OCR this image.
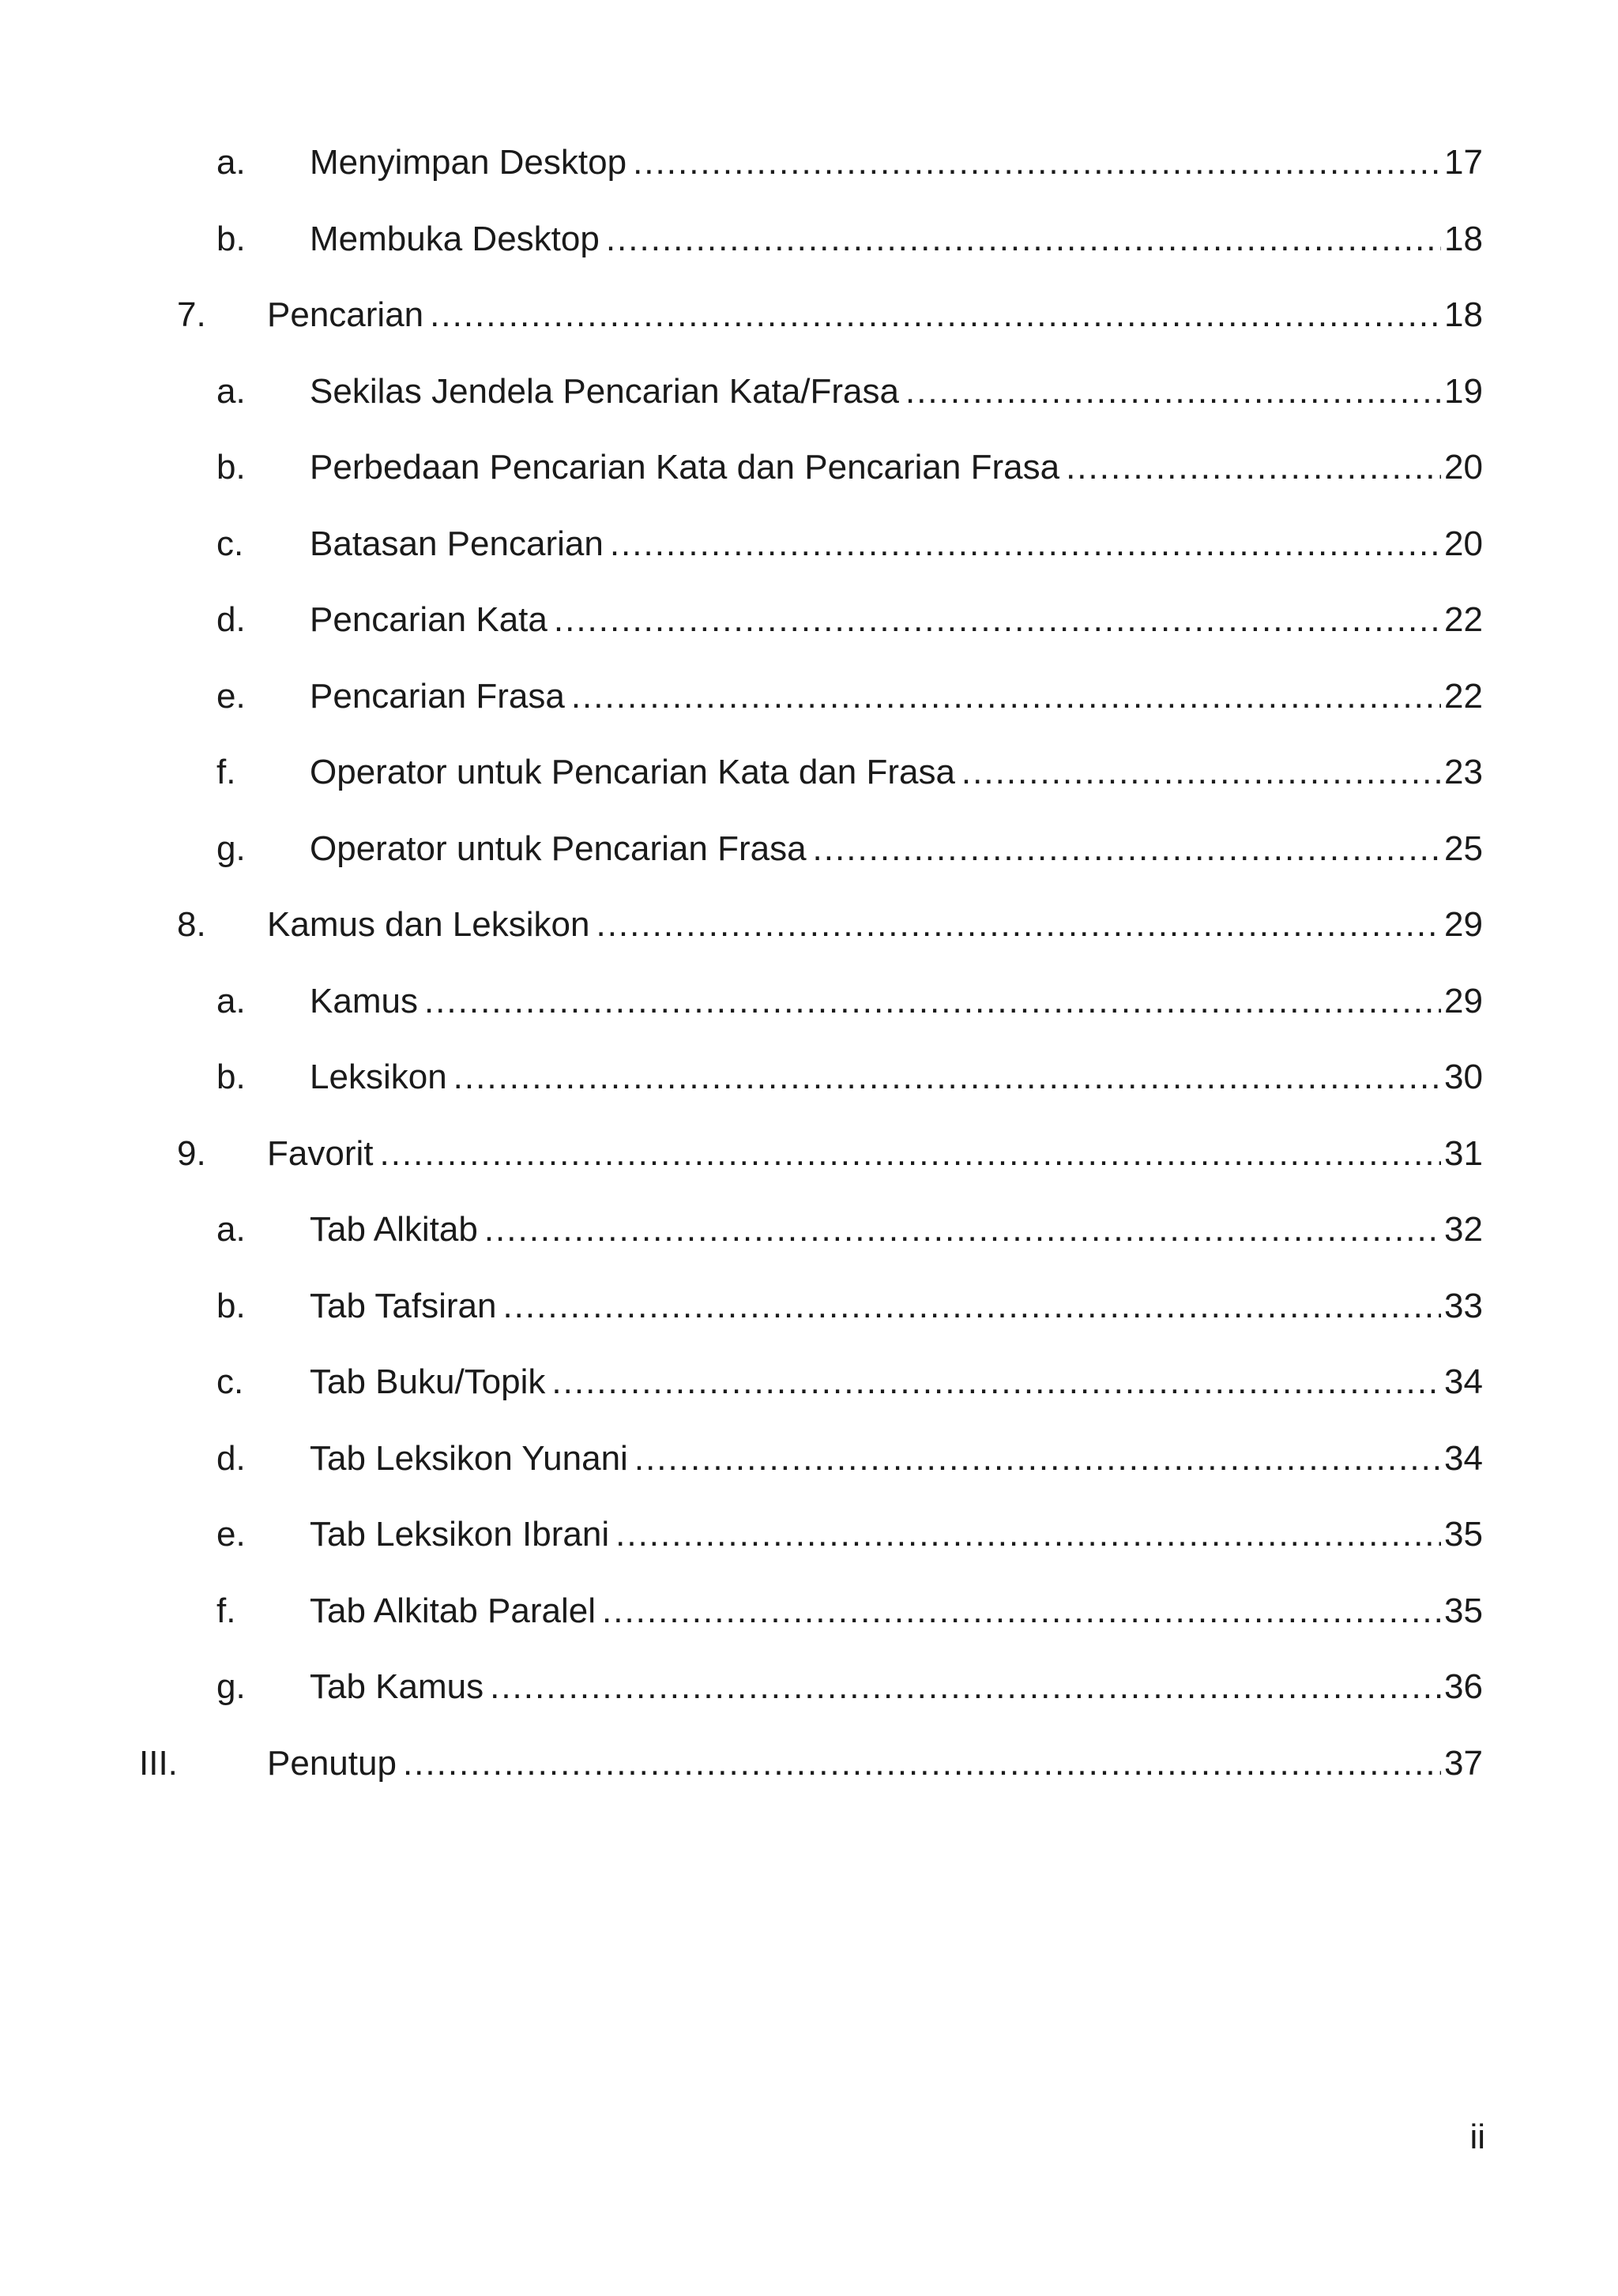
a. Menyimpan Desktop .....	17
b. Membuka Desktop .....	18
7. Pencarian .....	18
a. Sekilas Jendela Pencarian Kata/Frasa .....	19
b. Perbedaan Pencarian Kata dan Pencarian Frasa .....	20
c. Batasan Pencarian .....	20
d. Pencarian Kata .....	22
e. Pencarian Frasa .....	22
f. Operator untuk Pencarian Kata dan Frasa .....	23
g. Operator untuk Pencarian Frasa .....	25
8. Kamus dan Leksikon .....	29
a. Kamus .....	29
b. Leksikon .....	30
9. Favorit .....	31
a. Tab Alkitab .....	32
b. Tab Tafsiran .....	33
c. Tab Buku/Topik .....	34
d. Tab Leksikon Yunani .....	34
e. Tab Leksikon Ibrani .....	35
f. Tab Alkitab Paralel .....	35
g. Tab Kamus .....	36
III.	Penutup .....	37
ii
